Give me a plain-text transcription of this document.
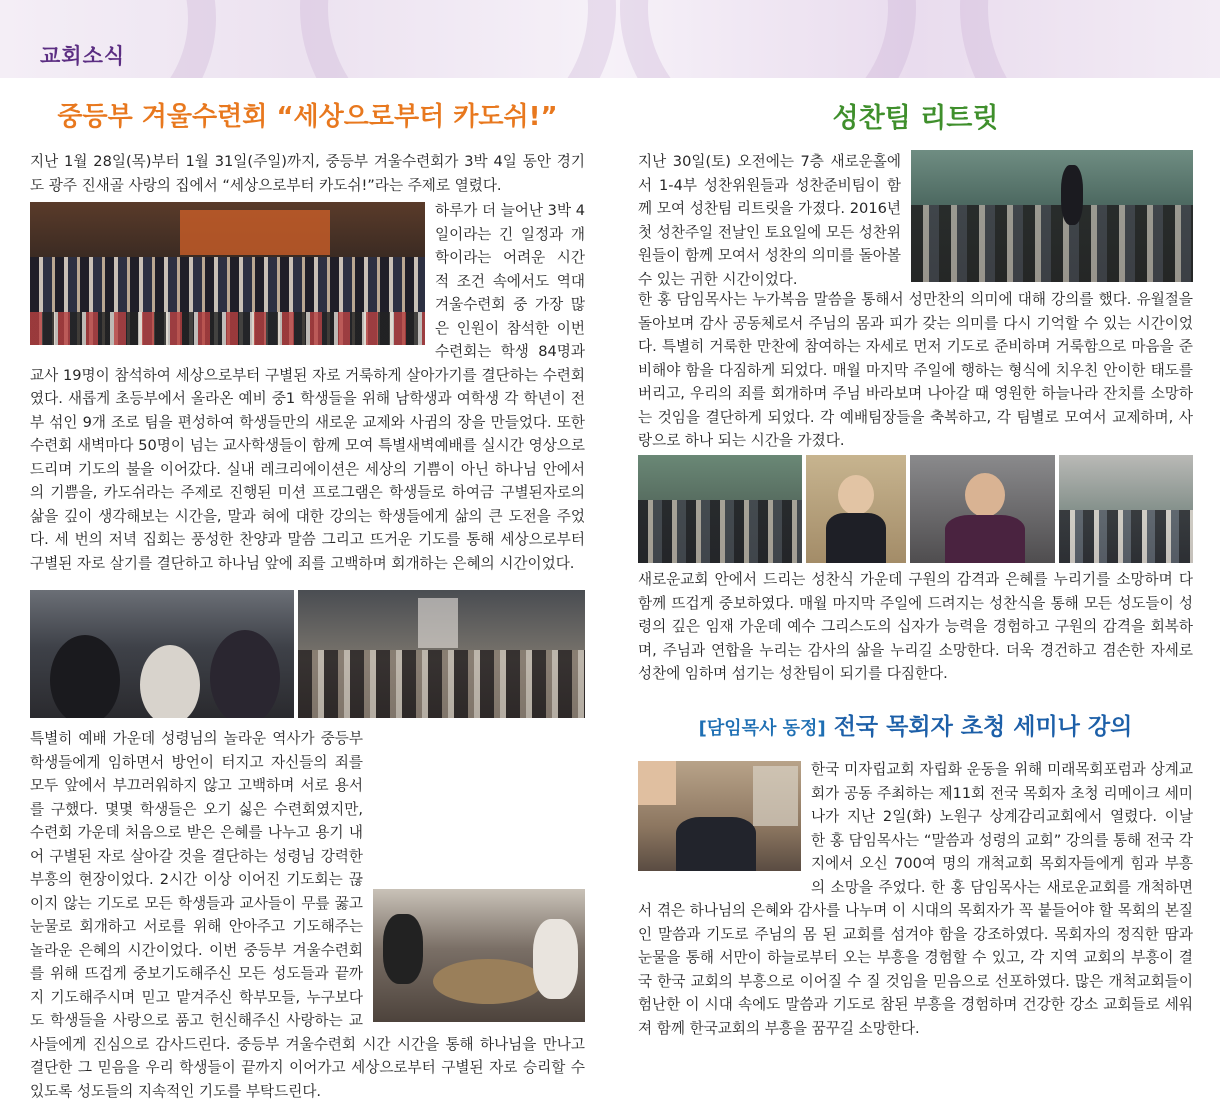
교회소식
중등부 겨울수련회 “세상으로부터 카도쉬!”

지난 1월 28일(목)부터 1월 31일(주일)까지, 중등부 겨울수련회가 3박 4일 동안 경기도 광주 진새골 사랑의 집에서 “세상으로부터 카도쉬!”라는 주제로 열렸다.

하루가 더 늘어난 3박 4일이라는 긴 일정과 개학이라는 어려운 시간적 조건 속에서도 역대 겨울수련회 중 가장 많은 인원이 참석한 이번 수련회는 학생 84명과 교사 19명이 참석하여 세상으로부터 구별된 자로 거룩하게 살아가기를 결단하는 수련회였다. 새롭게 초등부에서 올라온 예비 중1 학생들을 위해 남학생과 여학생 각 학년이 전부 섞인 9개 조로 팀을 편성하여 학생들만의 새로운 교제와 사귐의 장을 만들었다. 또한 수련회 새벽마다 50명이 넘는 교사학생들이 함께 모여 특별새벽예배를 실시간 영상으로 드리며 기도의 불을 이어갔다. 실내 레크리에이션은 세상의 기쁨이 아닌 하나님 안에서의 기쁨을, 카도쉬라는 주제로 진행된 미션 프로그램은 학생들로 하여금 구별된자로의 삶을 깊이 생각해보는 시간을, 말과 혀에 대한 강의는 학생들에게 삶의 큰 도전을 주었다. 세 번의 저녁 집회는 풍성한 찬양과 말씀 그리고 뜨거운 기도를 통해 세상으로부터 구별된 자로 살기를 결단하고 하나님 앞에 죄를 고백하며 회개하는 은혜의 시간이었다.
특별히 예배 가운데 성령님의 놀라운 역사가 중등부 학생들에게 임하면서 방언이 터지고 자신들의 죄를 모두 앞에서 부끄러워하지 않고 고백하며 서로 용서를 구했다. 몇몇 학생들은 오기 싫은 수련회였지만, 수련회 가운데 처음으로 받은 은혜를 나누고 용기 내어 구별된 자로 살아갈 것을 결단하는 성령님 강력한 부흥의 현장이었다. 2시간 이상 이어진 기도회는 끊이지 않는 기도로 모든 학생들과 교사들이 무릎 꿇고 눈물로 회개하고 서로를 위해 안아주고 기도해주는 놀라운 은혜의 시간이었다. 이번 중등부 겨울수련회를 위해 뜨겁게 중보기도해주신 모든 성도들과 끝까지 기도해주시며 믿고 맡겨주신 학부모들, 누구보다도 학생들을 사랑으로 품고 헌신해주신 사랑하는 교사들에게 진심으로 감사드린다. 중등부 겨울수련회 시간 시간을 통해 하나님을 만나고 결단한 그 믿음을 우리 학생들이 끝까지 이어가고 세상으로부터 구별된 자로 승리할 수 있도록 성도들의 지속적인 기도를 부탁드린다.
성찬팀 리트릿
지난 30일(토) 오전에는 7층 새로운홀에서 1-4부 성찬위원들과 성찬준비팀이 함께 모여 성찬팀 리트릿을 가졌다. 2016년 첫 성찬주일 전날인 토요일에 모든 성찬위원들이 함께 모여서 성찬의 의미를 돌아볼 수 있는 귀한 시간이었다.

한 홍 담임목사는 누가복음 말씀을 통해서 성만찬의 의미에 대해 강의를 했다. 유월절을 돌아보며 감사 공동체로서 주님의 몸과 피가 갖는 의미를 다시 기억할 수 있는 시간이었다. 특별히 거룩한 만찬에 참여하는 자세로 먼저 기도로 준비하며 거룩함으로 마음을 준비해야 함을 다짐하게 되었다. 매월 마지막 주일에 행하는 형식에 치우친 안이한 태도를 버리고, 우리의 죄를 회개하며 주님 바라보며 나아갈 때 영원한 하늘나라 잔치를 소망하는 것임을 결단하게 되었다. 각 예배팀장들을 축복하고, 각 팀별로 모여서 교제하며, 사랑으로 하나 되는 시간을 가졌다.

새로운교회 안에서 드리는 성찬식 가운데 구원의 감격과 은혜를 누리기를 소망하며 다 함께 뜨겁게 중보하였다. 매월 마지막 주일에 드려지는 성찬식을 통해 모든 성도들이 성령의 깊은 임재 가운데 예수 그리스도의 십자가 능력을 경험하고 구원의 감격을 회복하며, 주님과 연합을 누리는 감사의 삶을 누리길 소망한다. 더욱 경건하고 겸손한 자세로 성찬에 임하며 섬기는 성찬팀이 되기를 다짐한다.

[담임목사 동정] 전국 목회자 초청 세미나 강의
한국 미자립교회 자립화 운동을 위해 미래목회포럼과 상계교회가 공동 주최하는 제11회 전국 목회자 초청 리메이크 세미나가 지난 2일(화) 노원구 상계감리교회에서 열렸다. 이날 한 홍 담임목사는 “말씀과 성령의 교회” 강의를 통해 전국 각지에서 오신 700여 명의 개척교회 목회자들에게 힘과 부흥의 소망을 주었다. 한 홍 담임목사는 새로운교회를 개척하면서 겪은 하나님의 은혜와 감사를 나누며 이 시대의 목회자가 꼭 붙들어야 할 목회의 본질인 말씀과 기도로 주님의 몸 된 교회를 섬겨야 함을 강조하였다. 목회자의 정직한 땀과 눈물을 통해 서만이 하늘로부터 오는 부흥을 경험할 수 있고, 각 지역 교회의 부흥이 결국 한국 교회의 부흥으로 이어질 수 질 것임을 믿음으로 선포하였다. 많은 개척교회들이 험난한 이 시대 속에도 말씀과 기도로 참된 부흥을 경험하며 건강한 강소 교회들로 세워져 함께 한국교회의 부흥을 꿈꾸길 소망한다.
